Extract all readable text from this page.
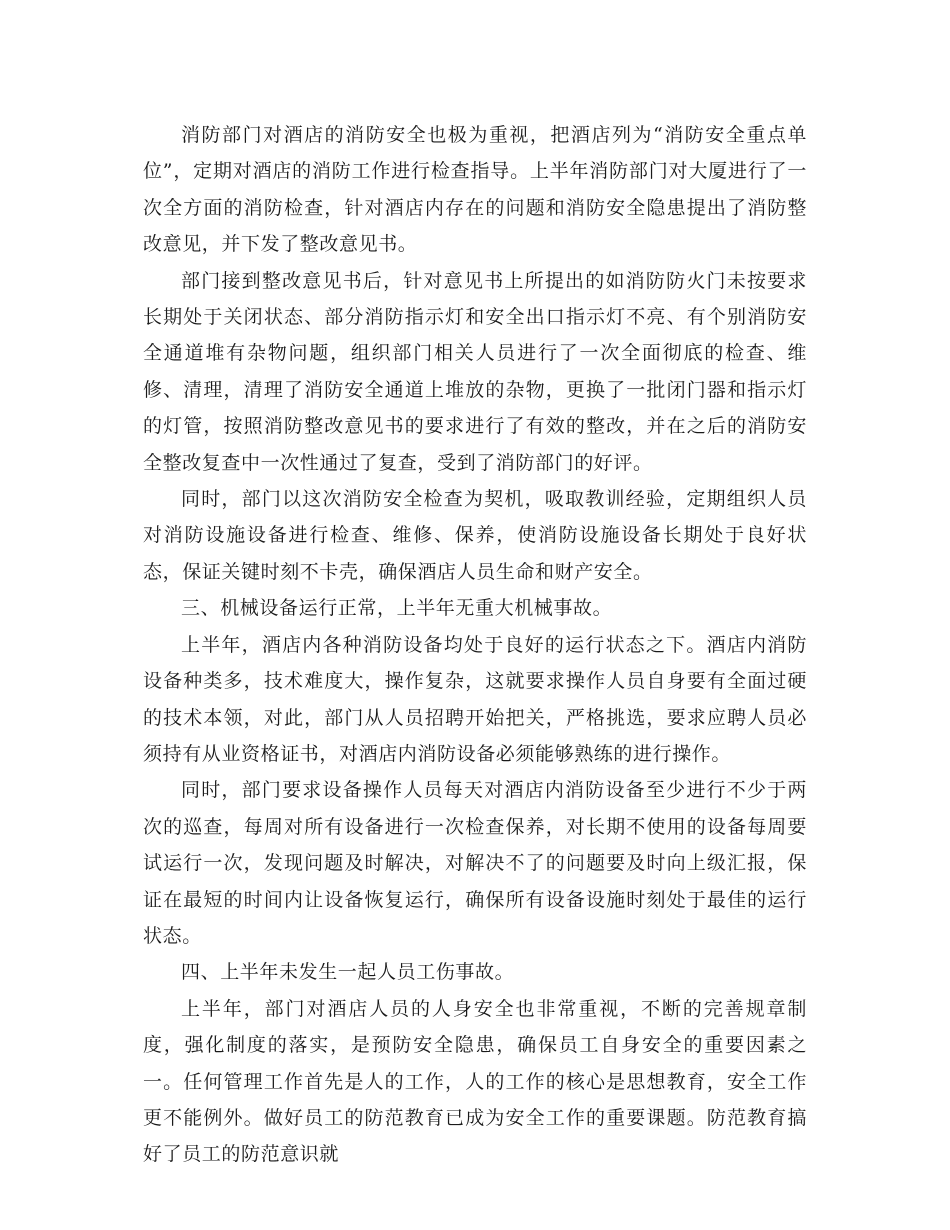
消防部门对酒店的消防安全也极为重视，把酒店列为“消防安全重点单位”，定期对酒店的消防工作进行检查指导。上半年消防部门对大厦进行了一次全方面的消防检查，针对酒店内存在的问题和消防安全隐患提出了消防整改意见，并下发了整改意见书。

部门接到整改意见书后，针对意见书上所提出的如消防防火门未按要求长期处于关闭状态、部分消防指示灯和安全出口指示灯不亮、有个别消防安全通道堆有杂物问题，组织部门相关人员进行了一次全面彻底的检查、维修、清理，清理了消防安全通道上堆放的杂物，更换了一批闭门器和指示灯的灯管，按照消防整改意见书的要求进行了有效的整改，并在之后的消防安全整改复查中一次性通过了复查，受到了消防部门的好评。

同时，部门以这次消防安全检查为契机，吸取教训经验，定期组织人员对消防设施设备进行检查、维修、保养，使消防设施设备长期处于良好状态，保证关键时刻不卡壳，确保酒店人员生命和财产安全。

三、机械设备运行正常，上半年无重大机械事故。

上半年，酒店内各种消防设备均处于良好的运行状态之下。酒店内消防设备种类多，技术难度大，操作复杂，这就要求操作人员自身要有全面过硬的技术本领，对此，部门从人员招聘开始把关，严格挑选，要求应聘人员必须持有从业资格证书，对酒店内消防设备必须能够熟练的进行操作。

同时，部门要求设备操作人员每天对酒店内消防设备至少进行不少于两次的巡查，每周对所有设备进行一次检查保养，对长期不使用的设备每周要试运行一次，发现问题及时解决，对解决不了的问题要及时向上级汇报，保证在最短的时间内让设备恢复运行，确保所有设备设施时刻处于最佳的运行状态。

四、上半年未发生一起人员工伤事故。

上半年，部门对酒店人员的人身安全也非常重视，不断的完善规章制度，强化制度的落实，是预防安全隐患，确保员工自身安全的重要因素之一。任何管理工作首先是人的工作，人的工作的核心是思想教育，安全工作更不能例外。做好员工的防范教育已成为安全工作的重要课题。防范教育搞好了员工的防范意识就
